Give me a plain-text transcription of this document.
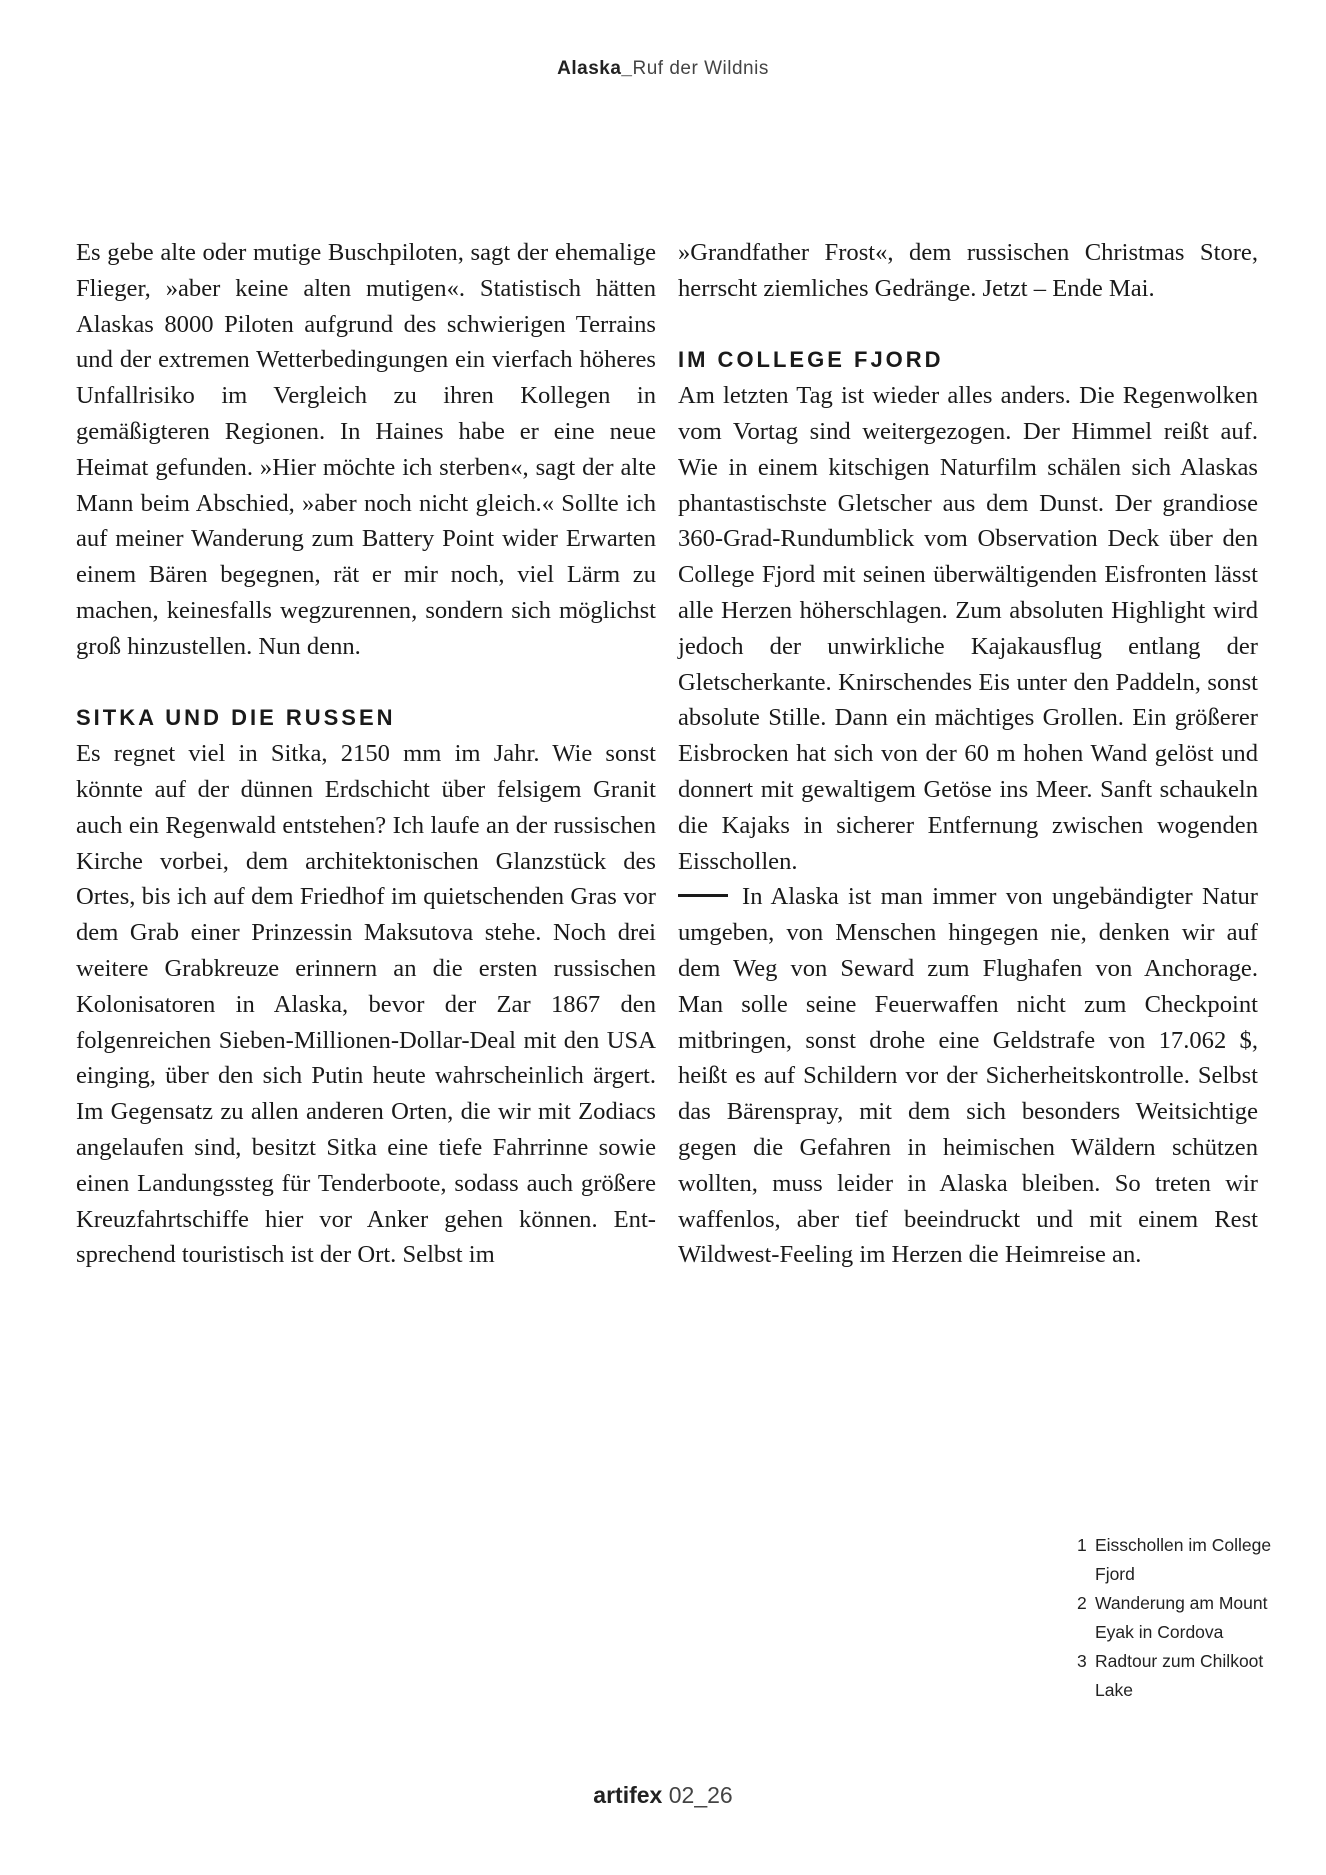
Alaska_Ruf der Wildnis

Es gebe alte oder mutige Buschpiloten, sagt der ehemalige Flieger, »aber keine alten mutigen«. Statistisch hätten Alaskas 8000 Piloten aufgrund des schwierigen Terrains und der extremen Wetterbedingungen ein vierfach höheres Unfallrisiko im Vergleich zu ihren Kollegen in gemäßigteren Regionen. In Haines habe er eine neue Heimat gefunden. »Hier möchte ich sterben«, sagt der alte Mann beim Abschied, »aber noch nicht gleich.« Sollte ich auf meiner Wanderung zum Battery Point wider Erwarten einem Bären begegnen, rät er mir noch, viel Lärm zu machen, keinesfalls wegzurennen, sondern sich möglichst groß hinzustellen. Nun denn.

SITKA UND DIE RUSSEN

Es regnet viel in Sitka, 2150 mm im Jahr. Wie sonst könnte auf der dünnen Erdschicht über felsigem Granit auch ein Regenwald entstehen? Ich laufe an der russischen Kirche vorbei, dem architektonischen Glanzstück des Ortes, bis ich auf dem Friedhof im quietschenden Gras vor dem Grab einer Prinzessin Maksutova stehe. Noch drei weitere Grabkreuze erinnern an die ersten russischen Kolonisatoren in Alaska, bevor der Zar 1867 den folgenreichen Sieben-Millionen-Dollar-Deal mit den USA einging, über den sich Putin heute wahrscheinlich ärgert. Im Gegensatz zu allen anderen Orten, die wir mit Zodiacs angelaufen sind, besitzt Sitka eine tiefe Fahrrinne sowie einen Landungssteg für Tenderboote, sodass auch größere Kreuzfahrtschiffe hier vor Anker gehen können. Entsprechend touristisch ist der Ort. Selbst im

»Grandfather Frost«, dem russischen Christmas Store, herrscht ziemliches Gedränge. Jetzt – Ende Mai.

IM COLLEGE FJORD

Am letzten Tag ist wieder alles anders. Die Regenwolken vom Vortag sind weitergezogen. Der Himmel reißt auf. Wie in einem kitschigen Naturfilm schälen sich Alaskas phantastischste Gletscher aus dem Dunst. Der grandiose 360-Grad-Rundumblick vom Observation Deck über den College Fjord mit seinen überwältigenden Eisfronten lässt alle Herzen höherschlagen. Zum absoluten Highlight wird jedoch der unwirkliche Kajakausflug entlang der Gletscherkante. Knirschendes Eis unter den Paddeln, sonst absolute Stille. Dann ein mächtiges Grollen. Ein größerer Eisbrocken hat sich von der 60 m hohen Wand gelöst und donnert mit gewaltigem Getöse ins Meer. Sanft schaukeln die Kajaks in sicherer Entfernung zwischen wogenden Eisschollen.

In Alaska ist man immer von ungebändigter Natur umgeben, von Menschen hingegen nie, denken wir auf dem Weg von Seward zum Flughafen von Anchorage. Man solle seine Feuerwaffen nicht zum Checkpoint mitbringen, sonst drohe eine Geldstrafe von 17.062 $, heißt es auf Schildern vor der Sicherheitskontrolle. Selbst das Bärenspray, mit dem sich besonders Weitsichtige gegen die Gefahren in heimischen Wäldern schützen wollten, muss leider in Alaska bleiben. So treten wir waffenlos, aber tief beeindruckt und mit einem Rest Wildwest-Feeling im Herzen die Heimreise an.

1 Eisschollen im College Fjord
2 Wanderung am Mount Eyak in Cordova
3 Radtour zum Chilkoot Lake
artifex 02_26
